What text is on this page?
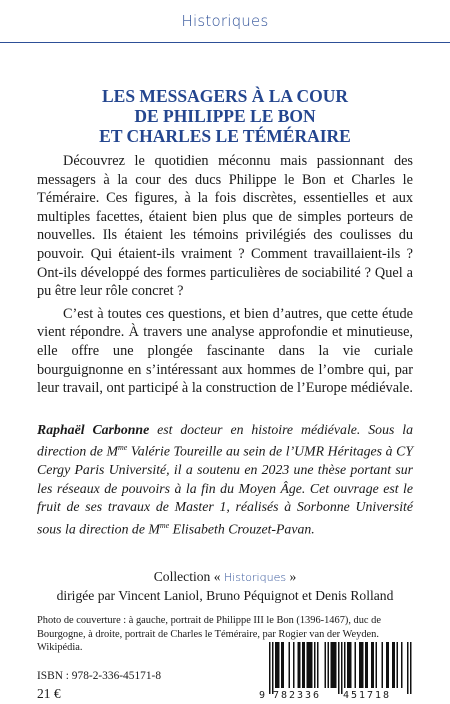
Historiques
LES MESSAGERS À LA COUR
DE PHILIPPE LE BON
ET CHARLES LE TÉMÉRAIRE

Découvrez le quotidien méconnu mais passionnant des messagers à la cour des ducs Philippe le Bon et Charles le Téméraire. Ces figures, à la fois discrètes, essentielles et aux multiples facettes, étaient bien plus que de simples porteurs de nouvelles. Ils étaient les témoins privilégiés des coulisses du pouvoir. Qui étaient-ils vraiment ? Comment travaillaient-ils ? Ont-ils développé des formes particulières de sociabilité ? Quel a pu être leur rôle concret ?

C’est à toutes ces questions, et bien d’autres, que cette étude vient répondre. À travers une analyse approfondie et minutieuse, elle offre une plongée fascinante dans la vie curiale bourguignonne en s’intéressant aux hommes de l’ombre qui, par leur travail, ont participé à la construction de l’Europe médiévale.

Raphaël Carbonne est docteur en histoire médiévale. Sous la direction de $M^{me}$ Valérie Toureille au sein de l’UMR Héritages à CY Cergy Paris Université, il a soutenu en 2023 une thèse portant sur les réseaux de pouvoirs à la fin du Moyen Âge. Cet ouvrage est le fruit de ses travaux de Master 1, réalisés à Sorbonne Université sous la direction de $M^{me}$ Elisabeth Crouzet-Pavan.
Collection « Historiques »
dirigée par Vincent Laniol, Bruno Péquignot et Denis Rolland
Photo de couverture : à gauche, portrait de Philippe III le Bon (1396-1467), duc de Bourgogne, à droite, portrait de Charles le Téméraire, par Rogier van der Weyden. Wikipédia.
ISBN : 978-2-336-45171-8
21 €	9 782336 451718
